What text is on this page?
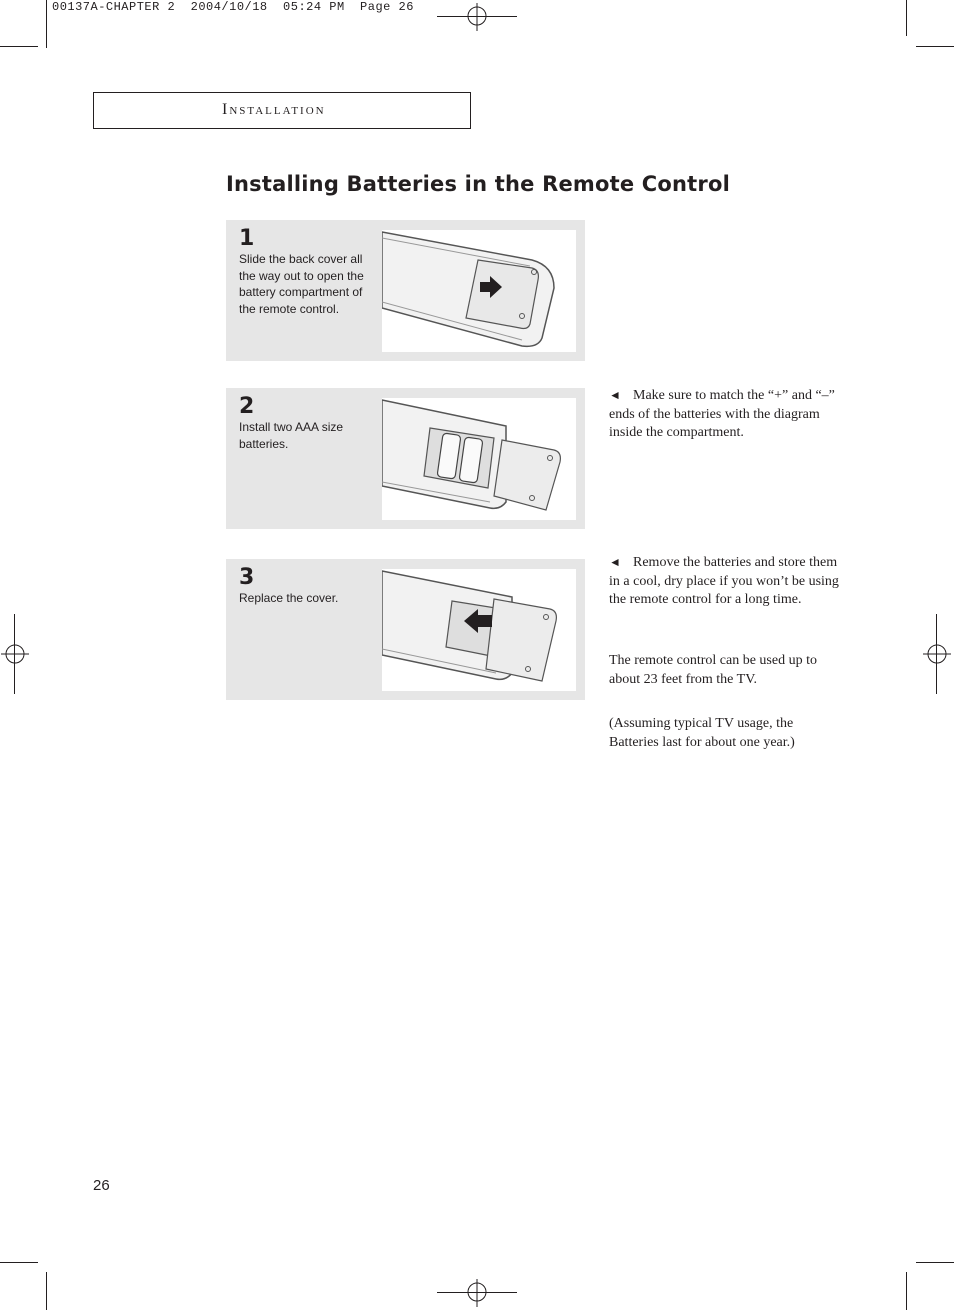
00137A-CHAPTER 2  2004/10/18  05:24 PM  Page 26
Installation
Installing Batteries in the Remote Control
1
Slide the back cover all the way out to open the battery compartment of the remote control.
2
Install two AAA size batteries.
3
Replace the cover.
◄ Make sure to match the “+” and “–” ends of the batteries with the diagram inside the compartment.
◄ Remove the batteries and store them in a cool, dry place if you won’t be using the remote control for a long time.
The remote control can be used up to about 23 feet from the TV.
(Assuming typical TV usage, the Batteries last for about one year.)
26
